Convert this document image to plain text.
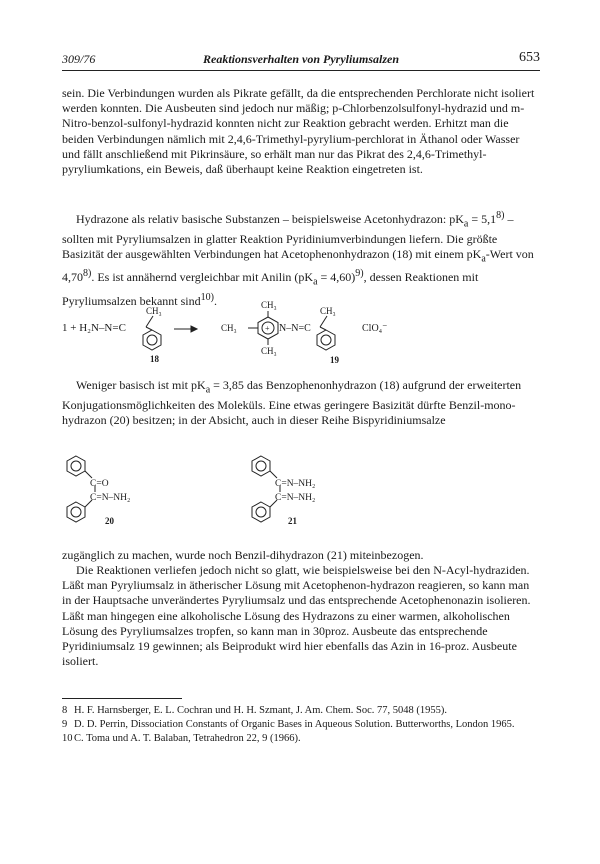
309/76	Reaktionsverhalten von Pyryliumsalzen	653

sein. Die Verbindungen wurden als Pikrate gefällt, da die entsprechenden Perchlorate nicht isoliert werden konnten. Die Ausbeuten sind jedoch nur mäßig; p-Chlorbenzolsulfonyl-hydrazid und m-Nitro-benzol-sulfonyl-hydrazid konnten nicht zur Reaktion gebracht werden. Erhitzt man die beiden Verbindungen nämlich mit 2,4,6-Trimethyl-pyrylium-perchlorat in Äthanol oder Wasser und fällt anschließend mit Pikrinsäure, so erhält man nur das Pikrat des 2,4,6-Trimethyl-pyryliumkations, ein Beweis, daß überhaupt keine Reaktion eingetreten ist.

Hydrazone als relativ basische Substanzen – beispielsweise Acetonhydrazon: $pK_a = 5,1^{8)}$ – sollten mit Pyryliumsalzen in glatter Reaktion Pyridiniumverbindungen liefern. Die größte Basizität der ausgewählten Verbindungen hat Acetophenonhydrazon (18) mit einem $pK_a$-Wert von 4,70$^{8)}$. Es ist annähernd vergleichbar mit Anilin $(pK_a = 4,60)^{9)}$, dessen Reaktionen mit Pyryliumsalzen bekannt sind$^{10)}$.

1 + H₂N–N=C
CH₃
18
CH₃	+
CH₃
CH₃
N–N=C
CH₃
19
ClO₄⁻

Weniger basisch ist mit $pK_a = 3,85$ das Benzophenonhydrazon (18) aufgrund der erweiterten Konjugationsmöglichkeiten des Moleküls. Eine etwas geringere Basizität dürfte Benzil-mono-hydrazon (20) besitzen; in der Absicht, auch in dieser Reihe Bispyridiniumsalze

C=O
C=N–NH₂
20
C=N–NH₂
C=N–NH₂
21

zugänglich zu machen, wurde noch Benzil-dihydrazon (21) miteinbezogen.

Die Reaktionen verliefen jedoch nicht so glatt, wie beispielsweise bei den N-Acyl-hydraziden. Läßt man Pyryliumsalz in ätherischer Lösung mit Acetophenon-hydrazon reagieren, so kann man in der Hauptsache unverändertes Pyryliumsalz und das entsprechende Acetophenonazin isolieren. Läßt man hingegen eine alkoholische Lösung des Hydrazons zu einer warmen, alkoholischen Lösung des Pyryliumsalzes tropfen, so kann man in 30proz. Ausbeute das entsprechende Pyridiniumsalz 19 gewinnen; als Beiprodukt wird hier ebenfalls das Azin in 16-proz. Ausbeute isoliert.

8 H. F. Harnsberger, E. L. Cochran und H. H. Szmant, J. Am. Chem. Soc. 77, 5048 (1955).
9 D. D. Perrin, Dissociation Constants of Organic Bases in Aqueous Solution. Butterworths, London 1965.
10 C. Toma und A. T. Balaban, Tetrahedron 22, 9 (1966).
